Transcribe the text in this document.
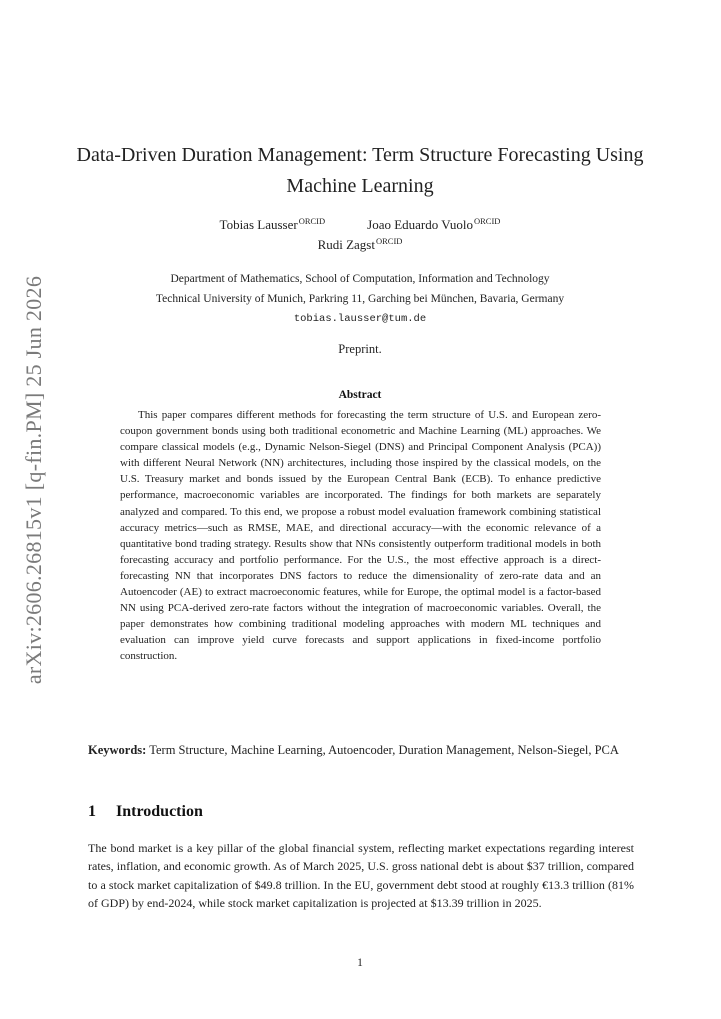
arXiv:2606.26815v1 [q-fin.PM] 25 Jun 2026
Data-Driven Duration Management: Term Structure Forecasting Using Machine Learning
Tobias Lausser$^{ORCID}$	Joao Eduardo Vuolo$^{ORCID}$
Rudi Zagst$^{ORCID}$
Department of Mathematics, School of Computation, Information and Technology
Technical University of Munich, Parkring 11, Garching bei München, Bavaria, Germany
tobias.lausser@tum.de
Preprint.
Abstract
This paper compares different methods for forecasting the term structure of U.S. and European zero-coupon government bonds using both traditional econometric and Machine Learning (ML) approaches. We compare classical models (e.g., Dynamic Nelson-Siegel (DNS) and Principal Component Analysis (PCA)) with different Neural Network (NN) architectures, including those inspired by the classical models, on the U.S. Treasury market and bonds issued by the European Central Bank (ECB). To enhance predictive performance, macroeconomic variables are incorporated. The findings for both markets are separately analyzed and compared. To this end, we propose a robust model evaluation framework combining statistical accuracy metrics—such as RMSE, MAE, and directional accuracy—with the economic relevance of a quantitative bond trading strategy. Results show that NNs consistently outperform traditional models in both forecasting accuracy and portfolio performance. For the U.S., the most effective approach is a direct-forecasting NN that incorporates DNS factors to reduce the dimensionality of zero-rate data and an Autoencoder (AE) to extract macroeconomic features, while for Europe, the optimal model is a factor-based NN using PCA-derived zero-rate factors without the integration of macroeconomic variables. Overall, the paper demonstrates how combining traditional modeling approaches with modern ML techniques and evaluation can improve yield curve forecasts and support applications in fixed-income portfolio construction.
Keywords: Term Structure, Machine Learning, Autoencoder, Duration Management, Nelson-Siegel, PCA
1 Introduction

The bond market is a key pillar of the global financial system, reflecting market expectations regarding interest rates, inflation, and economic growth. As of March 2025, U.S. gross national debt is about $37 trillion, compared to a stock market capitalization of $49.8 trillion. In the EU, government debt stood at roughly €13.3 trillion (81% of GDP) by end-2024, while stock market capitalization is projected at $13.39 trillion in 2025.

1
